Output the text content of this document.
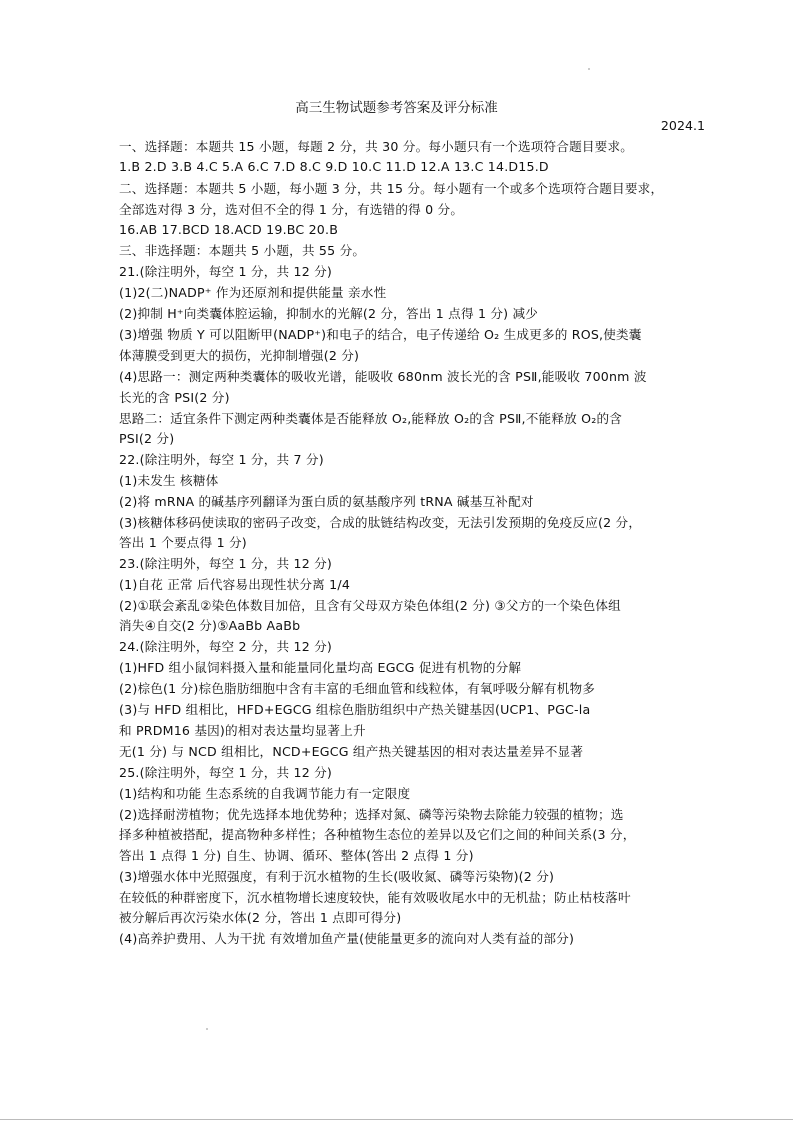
高三生物试题参考答案及评分标准
2024.1
一、选择题：本题共 15 小题，每题 2 分，共 30 分。每小题只有一个选项符合题目要求。
1.B 2.D 3.B 4.C 5.A 6.C 7.D 8.C 9.D 10.C 11.D 12.A 13.C 14.D15.D
二、选择题：本题共 5 小题，每小题 3 分，共 15 分。每小题有一个或多个选项符合题目要求，
全部选对得 3 分，选对但不全的得 1 分，有选错的得 0 分。
16.AB 17.BCD 18.ACD 19.BC 20.B
三、非选择题：本题共 5 小题，共 55 分。
21.(除注明外，每空 1 分，共 12 分)
(1)2(二)NADP⁺ 作为还原剂和提供能量 亲水性
(2)抑制 H⁺向类囊体腔运输，抑制水的光解(2 分，答出 1 点得 1 分) 减少
(3)增强 物质 Y 可以阻断甲(NADP⁺)和电子的结合，电子传递给 O₂ 生成更多的 ROS,使类囊
体薄膜受到更大的损伤，光抑制增强(2 分)
(4)思路一：测定两种类囊体的吸收光谱，能吸收 680nm 波长光的含 PSⅡ,能吸收 700nm 波
长光的含 PSI(2 分)
思路二：适宜条件下测定两种类囊体是否能释放 O₂,能释放 O₂的含 PSⅡ,不能释放 O₂的含
PSI(2 分)
22.(除注明外，每空 1 分，共 7 分)
(1)未发生 核糖体
(2)将 mRNA 的碱基序列翻译为蛋白质的氨基酸序列 tRNA 碱基互补配对
(3)核糖体移码使读取的密码子改变，合成的肽链结构改变，无法引发预期的免疫反应(2 分，
答出 1 个要点得 1 分)
23.(除注明外，每空 1 分，共 12 分)
(1)自花 正常 后代容易出现性状分离 1/4
(2)①联会紊乱②染色体数目加倍，且含有父母双方染色体组(2 分) ③父方的一个染色体组
消失④自交(2 分)⑤AaBb AaBb
24.(除注明外，每空 2 分，共 12 分)
(1)HFD 组小鼠饲料摄入量和能量同化量均高 EGCG 促进有机物的分解
(2)棕色(1 分)棕色脂肪细胞中含有丰富的毛细血管和线粒体，有氧呼吸分解有机物多
(3)与 HFD 组相比，HFD+EGCG 组棕色脂肪组织中产热关键基因(UCP1、PGC-la
和 PRDM16 基因)的相对表达量均显著上升
无(1 分) 与 NCD 组相比，NCD+EGCG 组产热关键基因的相对表达量差异不显著
25.(除注明外，每空 1 分，共 12 分)
(1)结构和功能 生态系统的自我调节能力有一定限度
(2)选择耐涝植物；优先选择本地优势种；选择对氮、磷等污染物去除能力较强的植物；选
择多种植被搭配，提高物种多样性；各种植物生态位的差异以及它们之间的种间关系(3 分，
答出 1 点得 1 分) 自生、协调、循环、整体(答出 2 点得 1 分)
(3)增强水体中光照强度，有利于沉水植物的生长(吸收氮、磷等污染物)(2 分)
在较低的种群密度下，沉水植物增长速度较快，能有效吸收尾水中的无机盐；防止枯枝落叶
被分解后再次污染水体(2 分，答出 1 点即可得分)
(4)高养护费用、人为干扰 有效增加鱼产量(使能量更多的流向对人类有益的部分)
